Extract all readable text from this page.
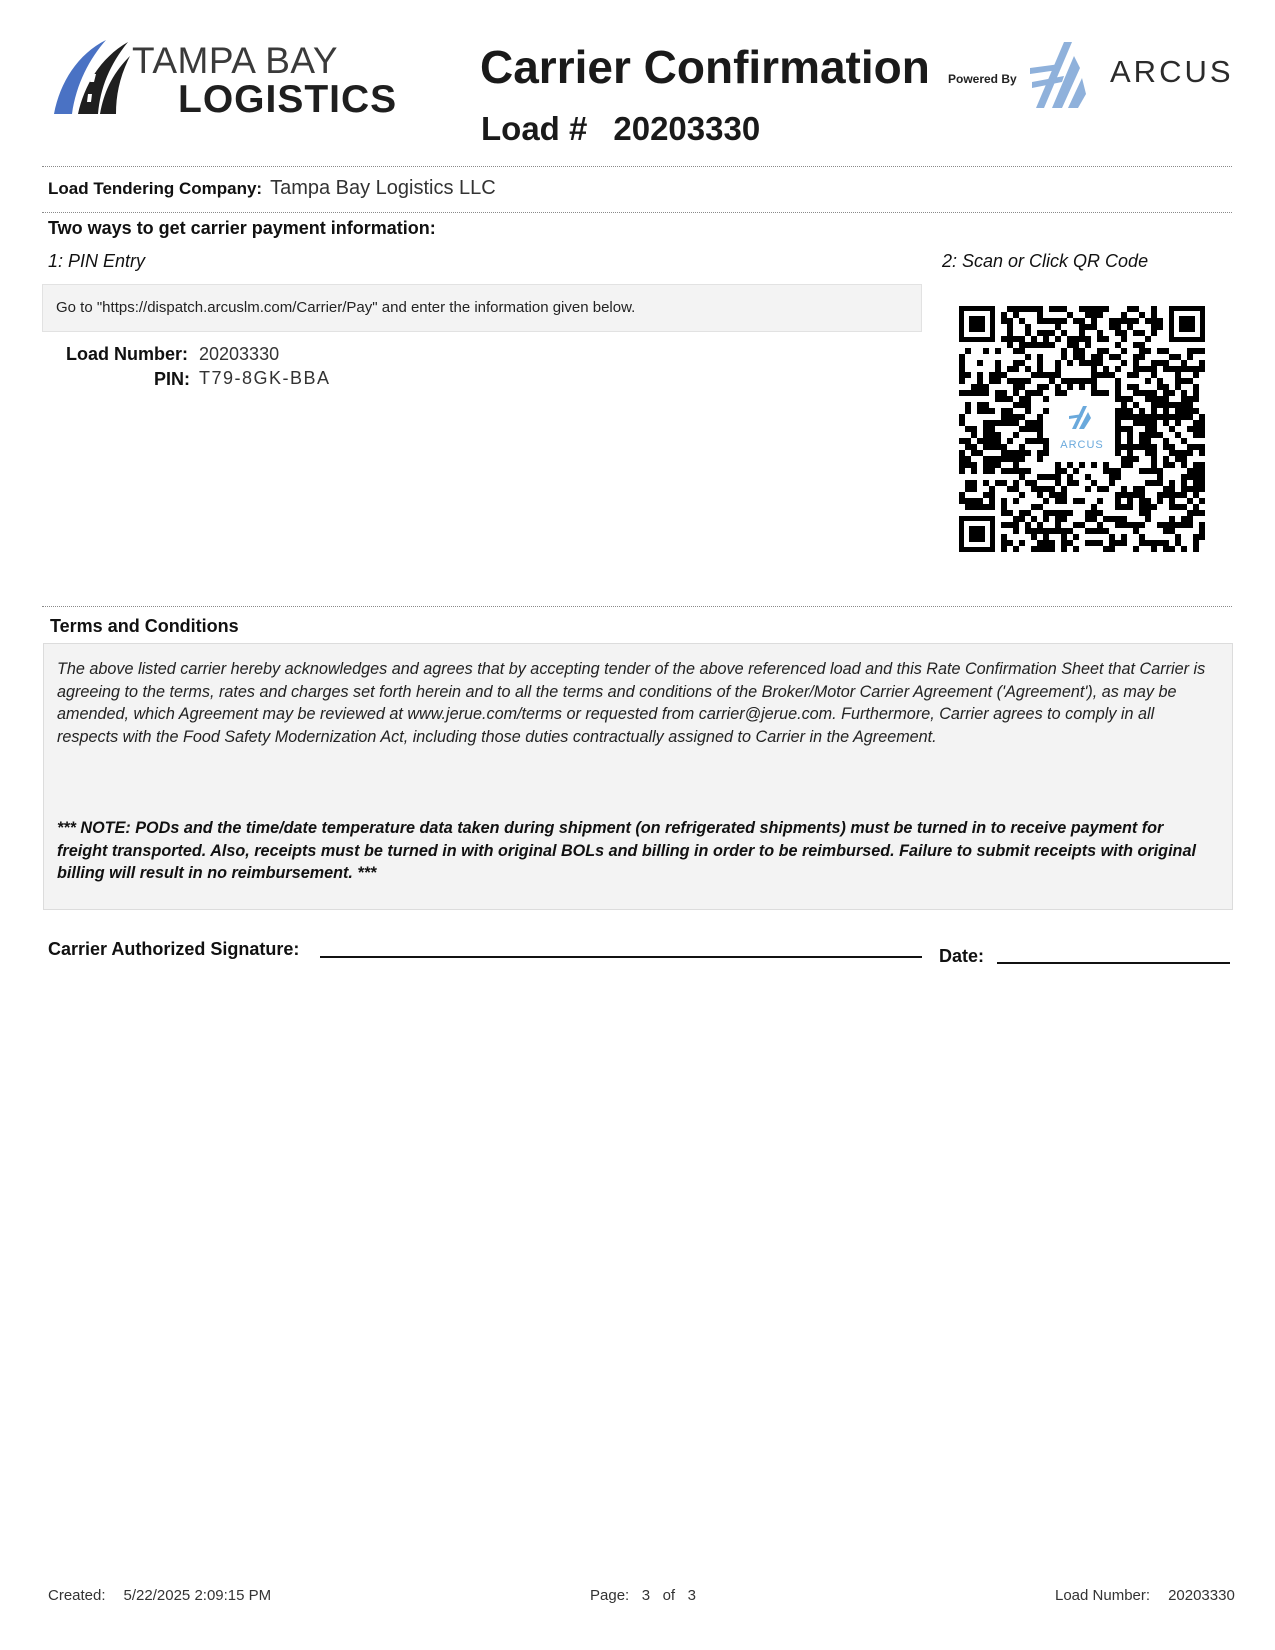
TAMPA BAY
LOGISTICS
Carrier Confirmation
Load # 20203330
Powered By	ARCUS
Load Tendering Company: Tampa Bay Logistics LLC
Two ways to get carrier payment information:
1: PIN Entry	2: Scan or Click QR Code
Go to "https://dispatch.arcuslm.com/Carrier/Pay" and enter the information given below.
Load Number: 20203330
PIN: T79-8GK-BBA
ARCUS
Terms and Conditions
The above listed carrier hereby acknowledges and agrees that by accepting tender of the above referenced load and this Rate Confirmation Sheet that Carrier is agreeing to the terms, rates and charges set forth herein and to all the terms and conditions of the Broker/Motor Carrier Agreement ('Agreement'), as may be amended, which Agreement may be reviewed at www.jerue.com/terms or requested from carrier@jerue.com. Furthermore, Carrier agrees to comply in all respects with the Food Safety Modernization Act, including those duties contractually assigned to Carrier in the Agreement.
*** NOTE: PODs and the time/date temperature data taken during shipment (on refrigerated shipments) must be turned in to receive payment for freight transported. Also, receipts must be turned in with original BOLs and billing in order to be reimbursed. Failure to submit receipts with original billing will result in no reimbursement. ***
Carrier Authorized Signature:	Date:
Created: 5/22/2025 2:09:15 PM	Page: 3 of 3	Load Number: 20203330
